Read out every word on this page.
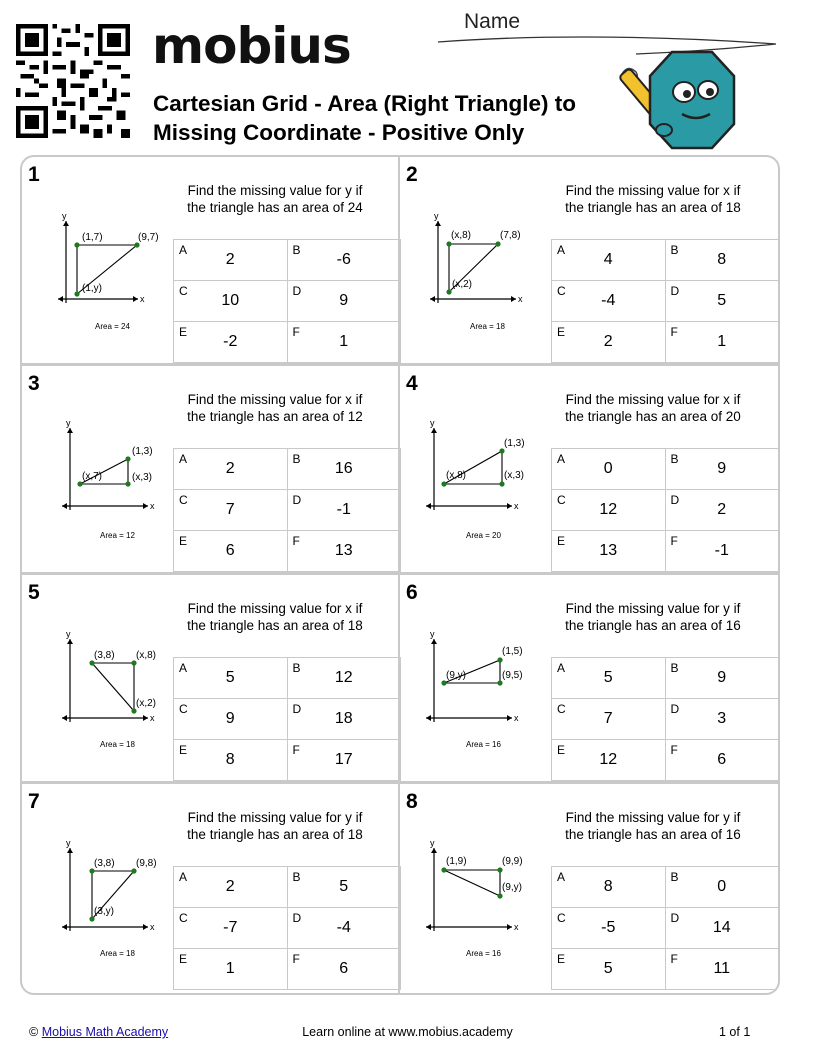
mobius
Cartesian Grid - Area (Right Triangle) to
Missing Coordinate - Positive Only
Name
1
Find the missing value for y if
the triangle has an area of 24
y
x
(1,7)	(9,7)
(1,y)
Area = 24
A
2	B
-6

C
10	D
9

E
-2	F
1
2
Find the missing value for x if
the triangle has an area of 18
y
x
(x,8)	(7,8)
(x,2)
Area = 18
A
4	B
8

C
-4	D
5

E
2	F
1
3
Find the missing value for x if
the triangle has an area of 12
y
x
(x,7)
(1,3)
(x,3)
Area = 12
A
2	B
16

C
7	D
-1

E
6	F
13
4
Find the missing value for x if
the triangle has an area of 20
y
x
(x,8)
(1,3)
(x,3)
Area = 20
A
0	B
9

C
12	D
2

E
13	F
-1
5
Find the missing value for x if
the triangle has an area of 18
y
x
(3,8) (x,8)
(x,2)
Area = 18
A
5	B
12

C
9	D
18

E
8	F
17
6
Find the missing value for y if
the triangle has an area of 16
y
x
(9,y)
(1,5)
(9,5)
Area = 16
A
5	B
9

C
7	D
3

E
12	F
6
7
Find the missing value for y if
the triangle has an area of 18
y
x
(3,8) (9,8)
(3,y)
Area = 18
A
2	B
5

C
-7	D
-4

E
1	F
6
8
Find the missing value for y if
the triangle has an area of 16
y
x
(1,9)	(9,9)
(9,y)
Area = 16
A
8	B
0

C
-5	D
14

E
5	F
11
© Mobius Math Academy	Learn online at www.mobius.academy	1 of 1
